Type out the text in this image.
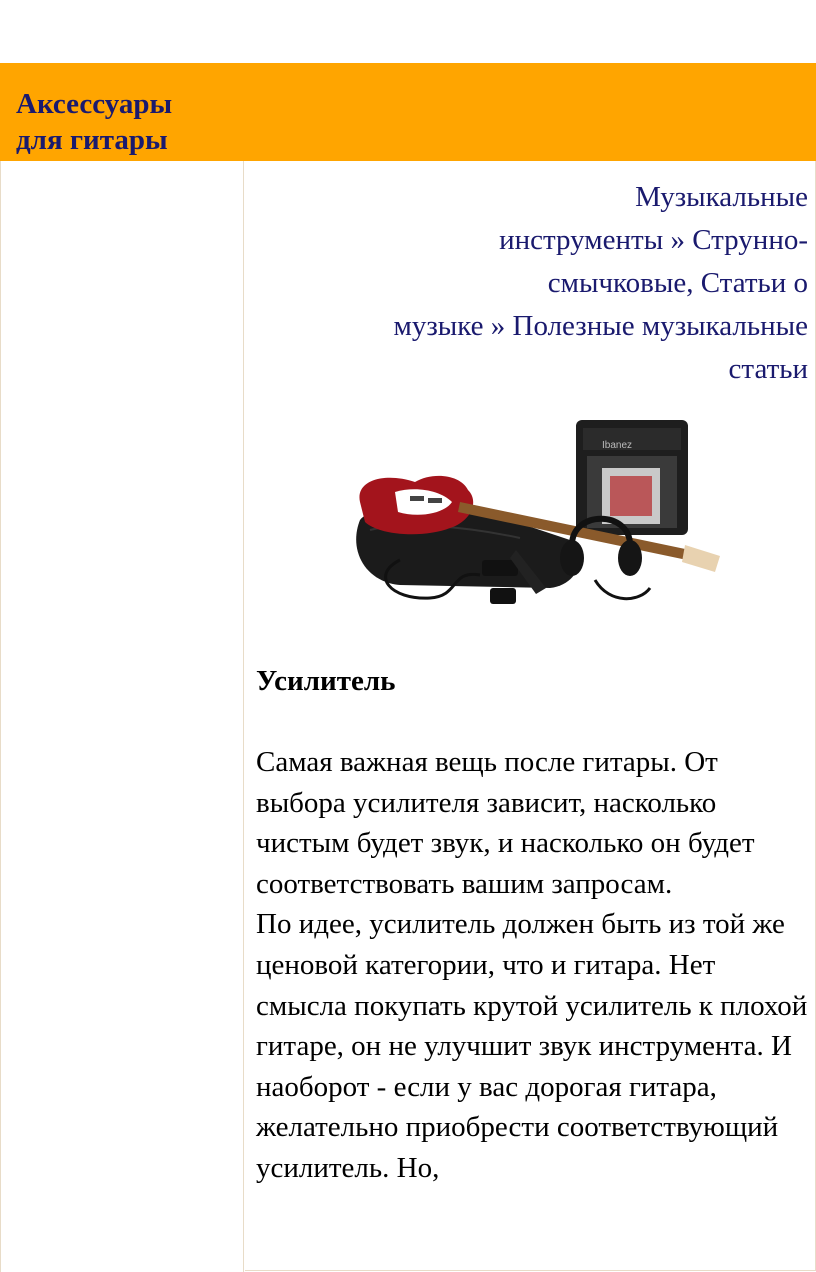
Аксессуары
для гитары
Музыкальные
инструменты » Струнно-
смычковые, Статьи о
музыке » Полезные музыкальные
статьи
Ibanez
Усилитель

Самая важная вещь после гитары. От выбора усилителя зависит, насколько чистым будет звук, и насколько он будет соответствовать вашим запросам.

По идее, усилитель должен быть из той же ценовой категории, что и гитара. Нет смысла покупать крутой усилитель к плохой гитаре, он не улучшит звук инструмента. И наоборот - если у вас дорогая гитара, желательно приобрести соответствующий усилитель. Но,
